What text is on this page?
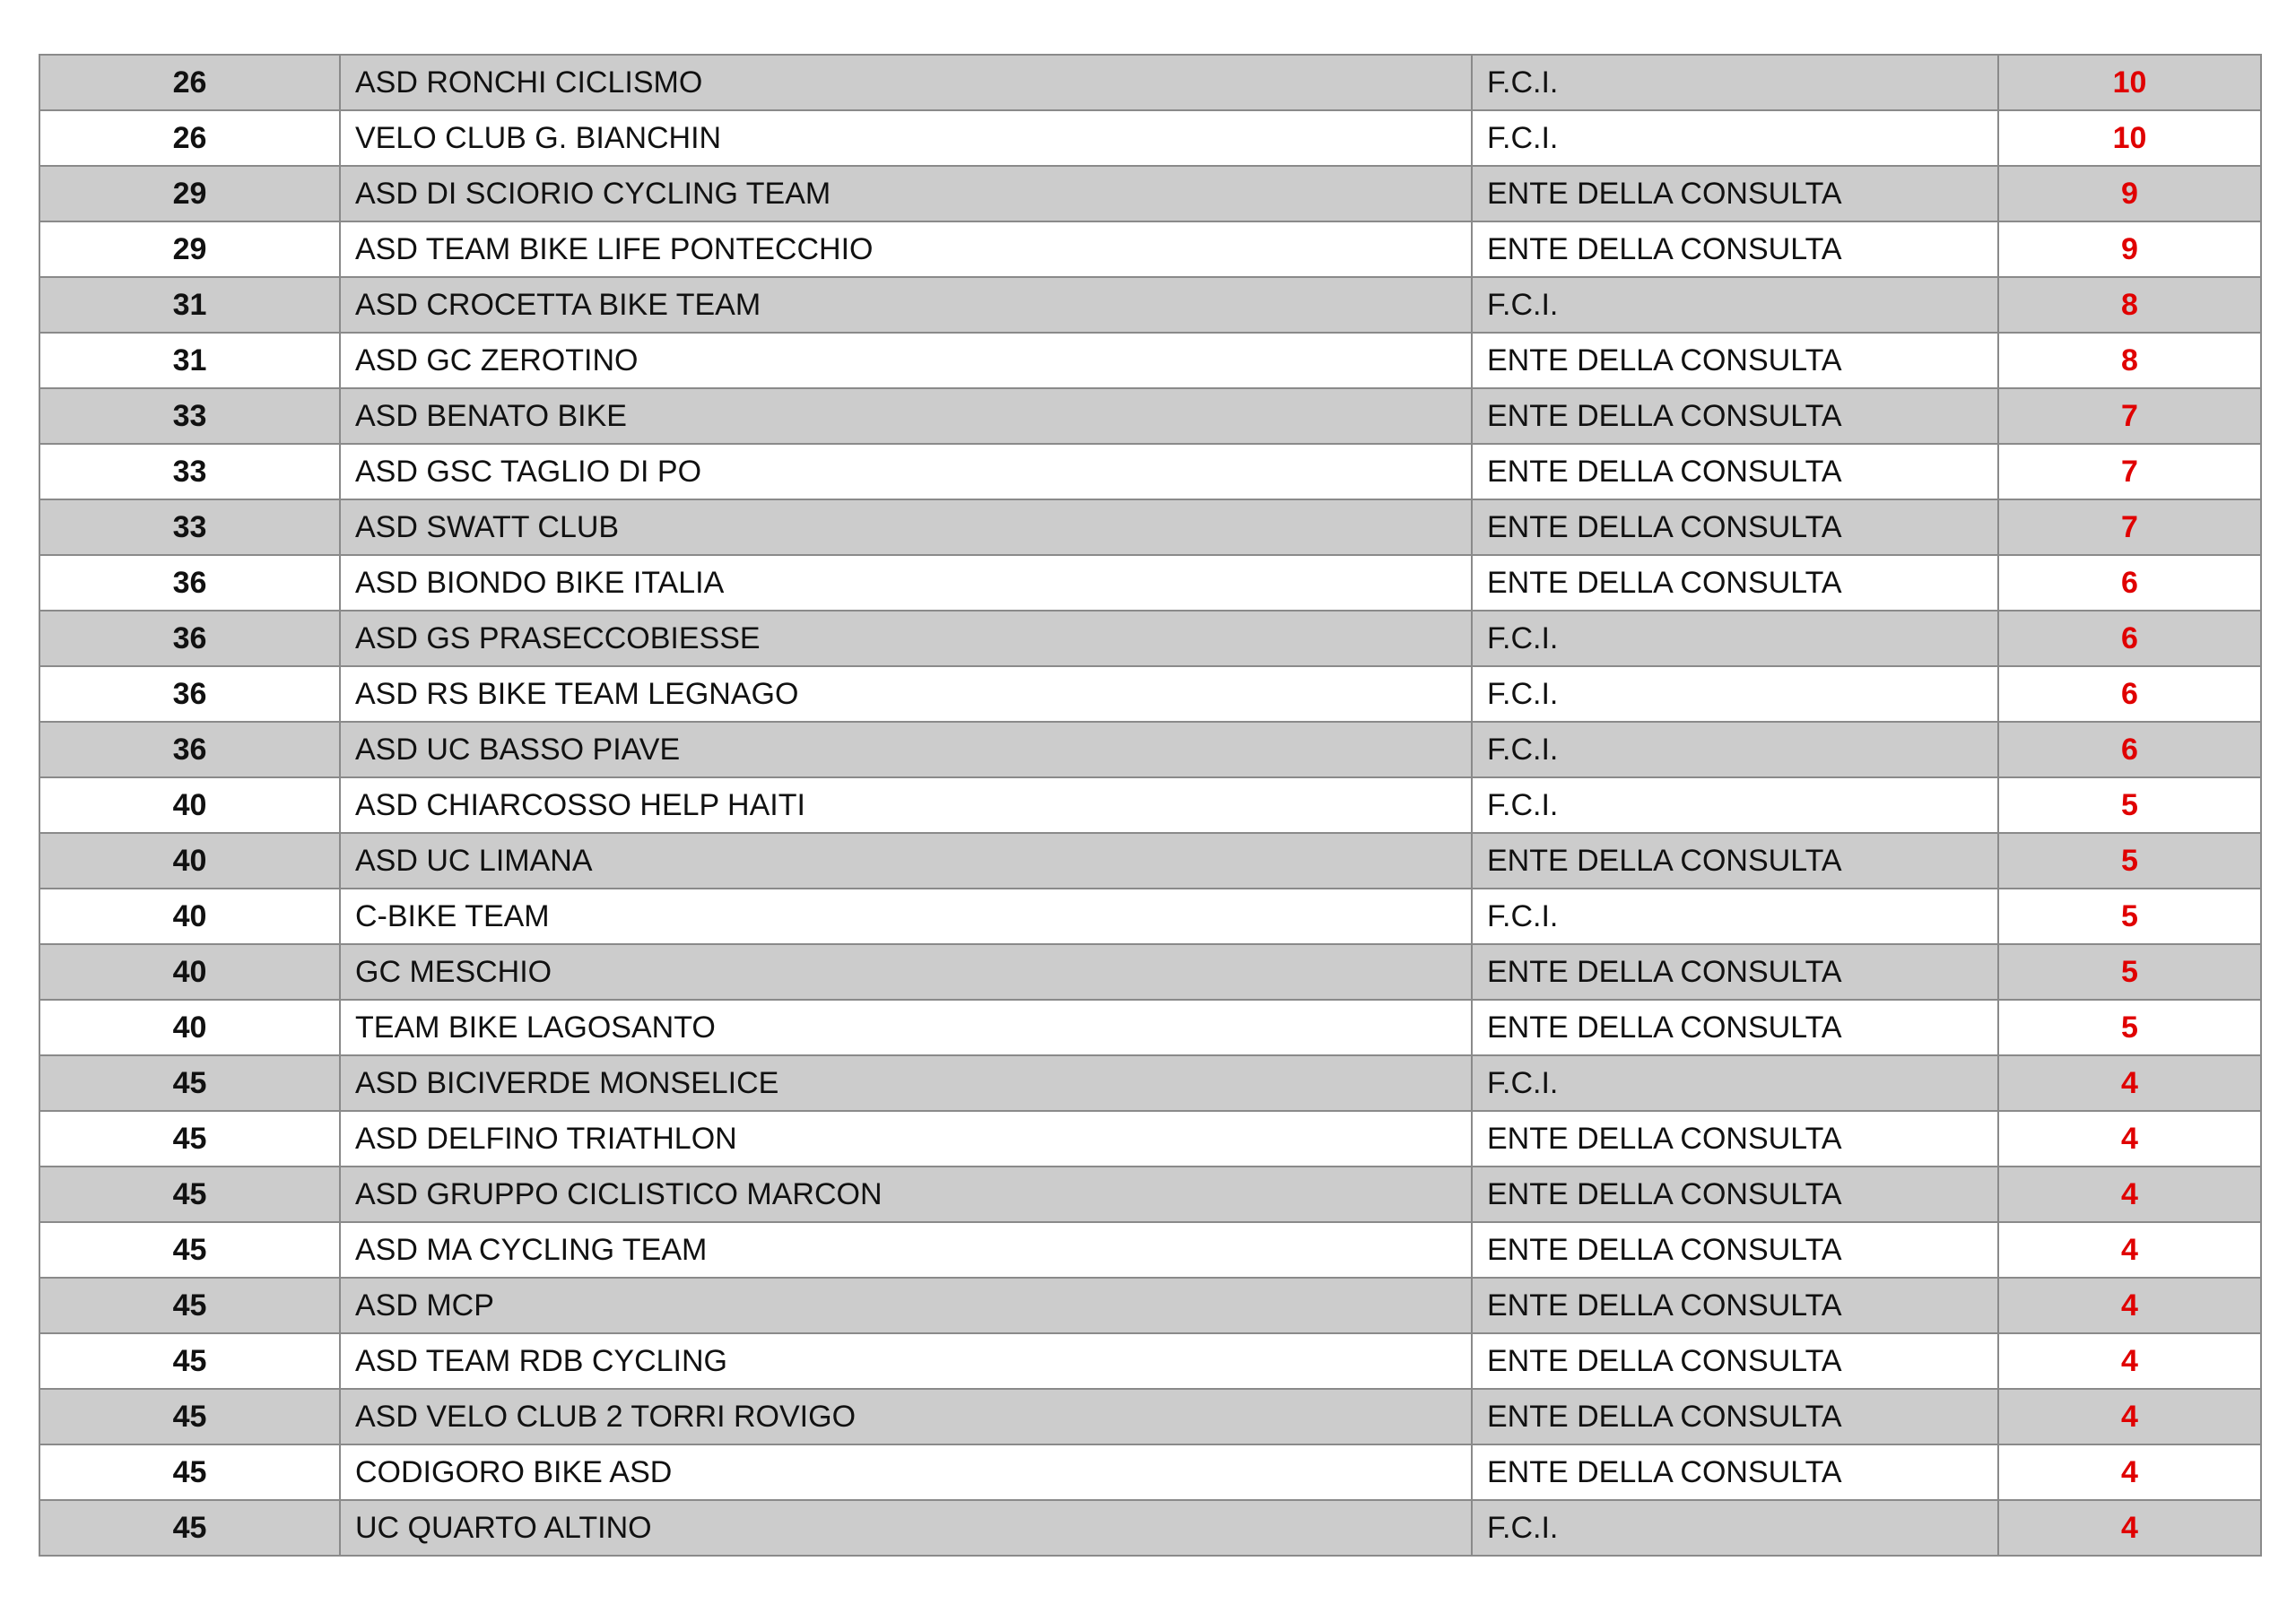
26	ASD RONCHI CICLISMO	F.C.I.	10
26	VELO CLUB G. BIANCHIN	F.C.I.	10
29	ASD DI SCIORIO CYCLING TEAM	ENTE DELLA CONSULTA	9
29	ASD TEAM BIKE LIFE PONTECCHIO	ENTE DELLA CONSULTA	9
31	ASD CROCETTA BIKE TEAM	F.C.I.	8
31	ASD GC ZEROTINO	ENTE DELLA CONSULTA	8
33	ASD BENATO BIKE	ENTE DELLA CONSULTA	7
33	ASD GSC TAGLIO DI PO	ENTE DELLA CONSULTA	7
33	ASD SWATT CLUB	ENTE DELLA CONSULTA	7
36	ASD BIONDO BIKE ITALIA	ENTE DELLA CONSULTA	6
36	ASD GS PRASECCOBIESSE	F.C.I.	6
36	ASD RS BIKE TEAM LEGNAGO	F.C.I.	6
36	ASD UC BASSO PIAVE	F.C.I.	6
40	ASD CHIARCOSSO HELP HAITI	F.C.I.	5
40	ASD UC LIMANA	ENTE DELLA CONSULTA	5
40	C-BIKE TEAM	F.C.I.	5
40	GC MESCHIO	ENTE DELLA CONSULTA	5
40	TEAM BIKE LAGOSANTO	ENTE DELLA CONSULTA	5
45	ASD BICIVERDE MONSELICE	F.C.I.	4
45	ASD DELFINO TRIATHLON	ENTE DELLA CONSULTA	4
45	ASD GRUPPO CICLISTICO MARCON	ENTE DELLA CONSULTA	4
45	ASD MA CYCLING TEAM	ENTE DELLA CONSULTA	4
45	ASD MCP	ENTE DELLA CONSULTA	4
45	ASD TEAM RDB CYCLING	ENTE DELLA CONSULTA	4
45	ASD VELO CLUB 2 TORRI ROVIGO	ENTE DELLA CONSULTA	4
45	CODIGORO BIKE ASD	ENTE DELLA CONSULTA	4
45	UC QUARTO ALTINO	F.C.I.	4
